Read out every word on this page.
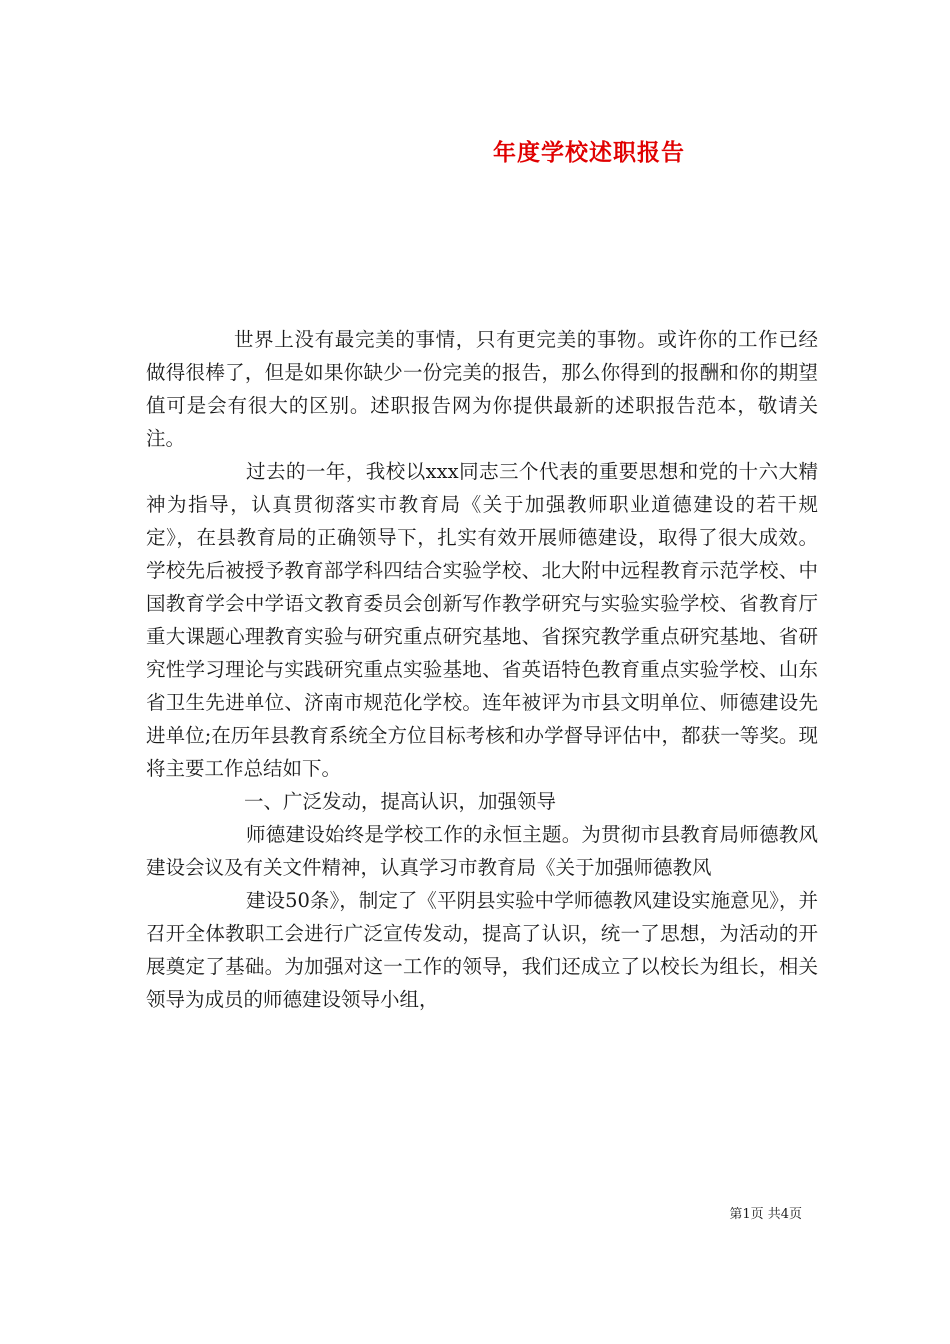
年度学校述职报告

世界上没有最完美的事情，只有更完美的事物。或许你的工作已经做得很棒了，但是如果你缺少一份完美的报告，那么你得到的报酬和你的期望值可是会有很大的区别。述职报告网为你提供最新的述职报告范本，敬请关注。

过去的一年，我校以xxx同志三个代表的重要思想和党的十六大精神为指导，认真贯彻落实市教育局《关于加强教师职业道德建设的若干规定》，在县教育局的正确领导下，扎实有效开展师德建设，取得了很大成效。学校先后被授予教育部学科四结合实验学校、北大附中远程教育示范学校、中国教育学会中学语文教育委员会创新写作教学研究与实验实验学校、省教育厅重大课题心理教育实验与研究重点研究基地、省探究教学重点研究基地、省研究性学习理论与实践研究重点实验基地、省英语特色教育重点实验学校、山东省卫生先进单位、济南市规范化学校。连年被评为市县文明单位、师德建设先进单位;在历年县教育系统全方位目标考核和办学督导评估中，都获一等奖。现将主要工作总结如下。

一、广泛发动，提高认识，加强领导

师德建设始终是学校工作的永恒主题。为贯彻市县教育局师德教风建设会议及有关文件精神，认真学习市教育局《关于加强师德教风

建设50条》，制定了《平阴县实验中学师德教风建设实施意见》，并召开全体教职工会进行广泛宣传发动，提高了认识，统一了思想，为活动的开展奠定了基础。为加强对这一工作的领导，我们还成立了以校长为组长，相关领导为成员的师德建设领导小组，

第1页 共4页
